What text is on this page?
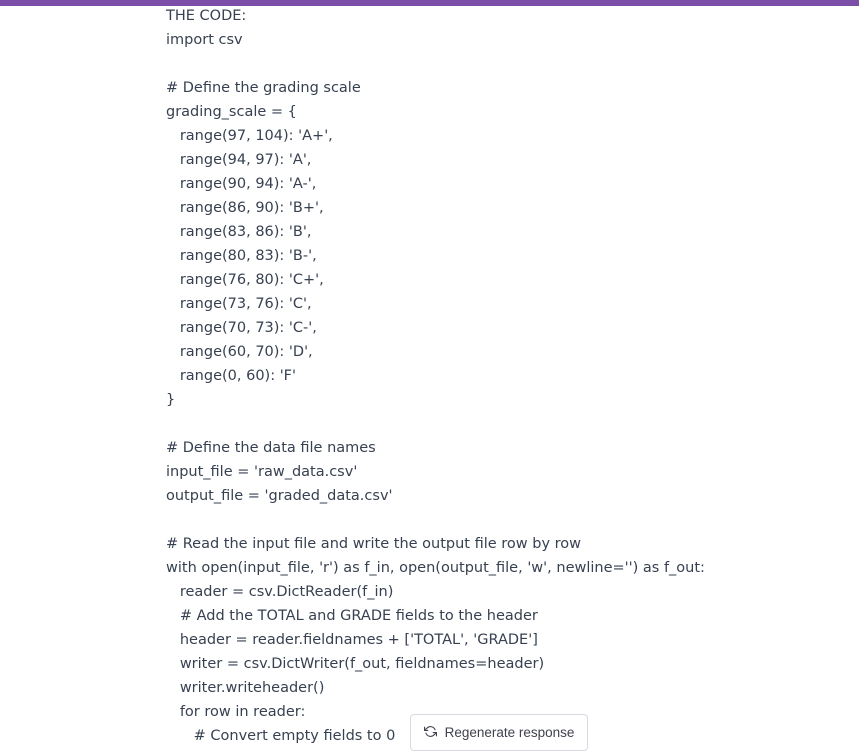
THE CODE:
import csv
# Define the grading scale
grading_scale = {
range(97, 104): 'A+',
range(94, 97): 'A',
range(90, 94): 'A-',
range(86, 90): 'B+',
range(83, 86): 'B',
range(80, 83): 'B-',
range(76, 80): 'C+',
range(73, 76): 'C',
range(70, 73): 'C-',
range(60, 70): 'D',
range(0, 60): 'F'
}
# Define the data file names
input_file = 'raw_data.csv'
output_file = 'graded_data.csv'
# Read the input file and write the output file row by row
with open(input_file, 'r') as f_in, open(output_file, 'w', newline='') as f_out:
reader = csv.DictReader(f_in)
# Add the TOTAL and GRADE fields to the header
header = reader.fieldnames + ['TOTAL', 'GRADE']
writer = csv.DictWriter(f_out, fieldnames=header)
writer.writeheader()
for row in reader:
# Convert empty fields to 0	Regenerate response
